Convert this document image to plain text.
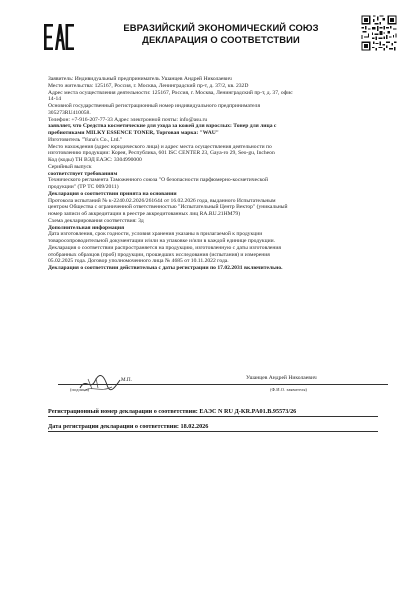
ЕВРАЗИЙСКИЙ ЭКОНОМИЧЕСКИЙ СОЮЗ
ДЕКЛАРАЦИЯ О СООТВЕТСТВИИ

Заявитель: Индивидуальный предприниматель Ушанцев Андрей Николаевич

Место жительства: 125167, Россия, г. Москва, Ленинградский пр-т, д. 37/2, кв. 232D

Адрес места осуществления деятельности: 125167, Россия, г. Москва, Ленинградский пр-т, д. 37, офис

14-14

Основной государственный регистрационный номер индивидуального предпринимателя

305273RU410058.

Телефон: +7-916-207-77-33 Адрес электронной почты: info@asu.ru

заявляет, что Средства косметические для ухода за кожей для взрослых: Тонер для лица с

пребиотиками MILKY ESSENCE TONER, Торговая марка: "WAU"

Изготовитель "Yuna's Co., Ltd."

Место нахождения (адрес юридического лица) и адрес места осуществления деятельности по

изготовлению продукции: Корея, Республика, 601 ISC CENTER 23, Gaya-ro 29, Seo-gu, Incheon

Код (коды) ТН ВЭД ЕАЭС: 3304990000

Серийный выпуск

соответствует требованиям

Технического регламента Таможенного союза "О безопасности парфюмерно-косметической

продукции" (ТР ТС 009/2011)

Декларация о соответствии принята на основании

Протокола испытаний № к-2240.02.2026/261644 от 16.02.2026 года, выданного Испытательным

центром Общества с ограниченной ответственностью "Испытательный Центр Вектор" (уникальный

номер записи об аккредитации в реестре аккредитованных лиц RA.RU.21HM79)

Схема декларирования соответствия: 3д

Дополнительная информация

Дата изготовления, срок годности, условия хранения указаны в прилагаемой к продукции

товаросопроводительной документации и/или на упаковке и/или в каждой единице продукции.

Декларация о соответствии распространяется на продукцию, изготовленную с даты изготовления

отобранных образцов (проб) продукции, прошедших исследования (испытания) и измерения

05.02.2025 года. Договор уполномоченного лица № 4685 от 10.11.2022 года.

Декларация о соответствии действительна с даты регистрации по 17.02.2031 включительно.

М.П.	Ушанцев Андрей Николаевич
(подпись)	(Ф.И.О. заявителя)
Регистрационный номер декларации о соответствии: ЕАЭС N RU Д-KR.PA01.B.95573/26
Дата регистрации декларации о соответствии: 18.02.2026
